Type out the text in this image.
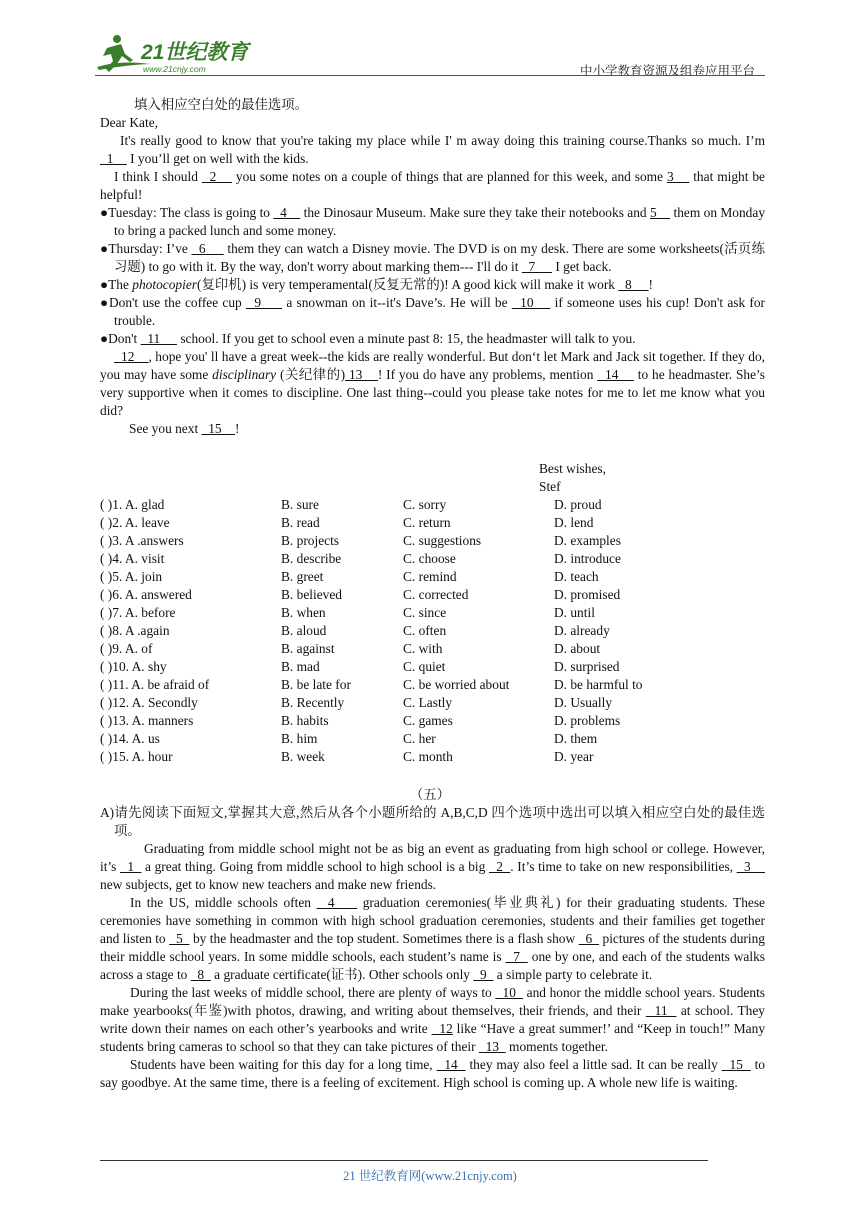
21世纪教育
www.21cnjy.com	中小学教育资源及组卷应用平台

填入相应空白处的最佳选项。

Dear Kate,

It's really good to know that you're taking my place while I' m away doing this training course.Thanks so much. I’m   1     I you’ll get on well with the kids.

I think I should   2     you some notes on a couple of things that are planned for this week, and some 3     that might be helpful!

●Tuesday: The class is going to   4     the Dinosaur Museum. Make sure they take their notebooks and 5     them on Monday to bring a packed lunch and some money.

●Thursday: I’ve   6      them they can watch a Disney movie. The DVD is on my desk. There are some worksheets(活页练习题) to go with it. By the way, don't worry about marking them--- I'll do it   7      I get back.

●The photocopier(复印机) is very temperamental(反复无常的)! A good kick will make it work   8     !

●Don't use the coffee cup   9      a snowman on it--it's Dave’s. He will be   10     if someone uses his cup! Don't ask for trouble.

●Don't   11      school. If you get to school even a minute past 8: 15, the headmaster will talk to you.

12    , hope you' ll have a great week--the kids are really wonderful. But don‘t let Mark and Jack sit together. If they do, you may have some disciplinary (关纪律的) 13    ! If you do have any problems, mention   14     to he headmaster. She’s very supportive when it comes to discipline. One last thing--could you please take notes for me to let me know what you did?

See you next   15    !

Best wishes,
Stef
( )1. A. glad	B. sure	C. sorry	D. proud
( )2. A. leave	B. read	C. return	D. lend
( )3. A .answers	B. projects	C. suggestions	D. examples
( )4. A. visit	B. describe	C. choose	D. introduce
( )5. A. join	B. greet	C. remind	D. teach
( )6. A. answered	B. believed	C. corrected	D. promised
( )7. A. before	B. when	C. since	D. until
( )8. A .again	B. aloud	C. often	D. already
( )9. A. of	B. against	C. with	D. about
( )10. A. shy	B. mad	C. quiet	D. surprised
( )11. A. be afraid of	B. be late for	C. be worried about	D. be harmful to
( )12. A. Secondly	B. Recently	C. Lastly	D. Usually
( )13. A. manners	B. habits	C. games	D. problems
( )14. A. us	B. him	C. her	D. them
( )15. A. hour	B. week	C. month	D. year
（五）

A)请先阅读下面短文,掌握其大意,然后从各个小题所给的 A,B,C,D 四个选项中选出可以填入相应空白处的最佳选项。

Graduating from middle school might not be as big an event as graduating from high school or college. However, it’s   1   a great thing. Going from middle school to high school is a big   2  . It’s time to take on new responsibilities,   3     new subjects, get to know new teachers and make new friends.

In the US, middle schools often   4     graduation ceremonies(毕业典礼) for their graduating students. These ceremonies have something in common with high school graduation ceremonies, students and their families get together and listen to   5   by the headmaster and the top student. Sometimes there is a flash show   6   pictures of the students during their middle school years. In some middle schools, each student’s name is   7   one by one, and each of the students walks across a stage to   8   a graduate certificate(证书). Other schools only   9   a simple party to celebrate it.

During the last weeks of middle school, there are plenty of ways to   10   and honor the middle school years. Students make yearbooks(年鉴)with photos, drawing, and writing about themselves, their friends, and their   11   at school. They write down their names on each other’s yearbooks and write   12 like “Have a great summer!’ and “Keep in touch!” Many students bring cameras to school so that they can take pictures of their   13   moments together.

Students have been waiting for this day for a long time,   14   they may also feel a little sad. It can be really   15   to say goodbye. At the same time, there is a feeling of excitement. High school is coming up. A whole new life is waiting.

21 世纪教育网(www.21cnjy.com)
